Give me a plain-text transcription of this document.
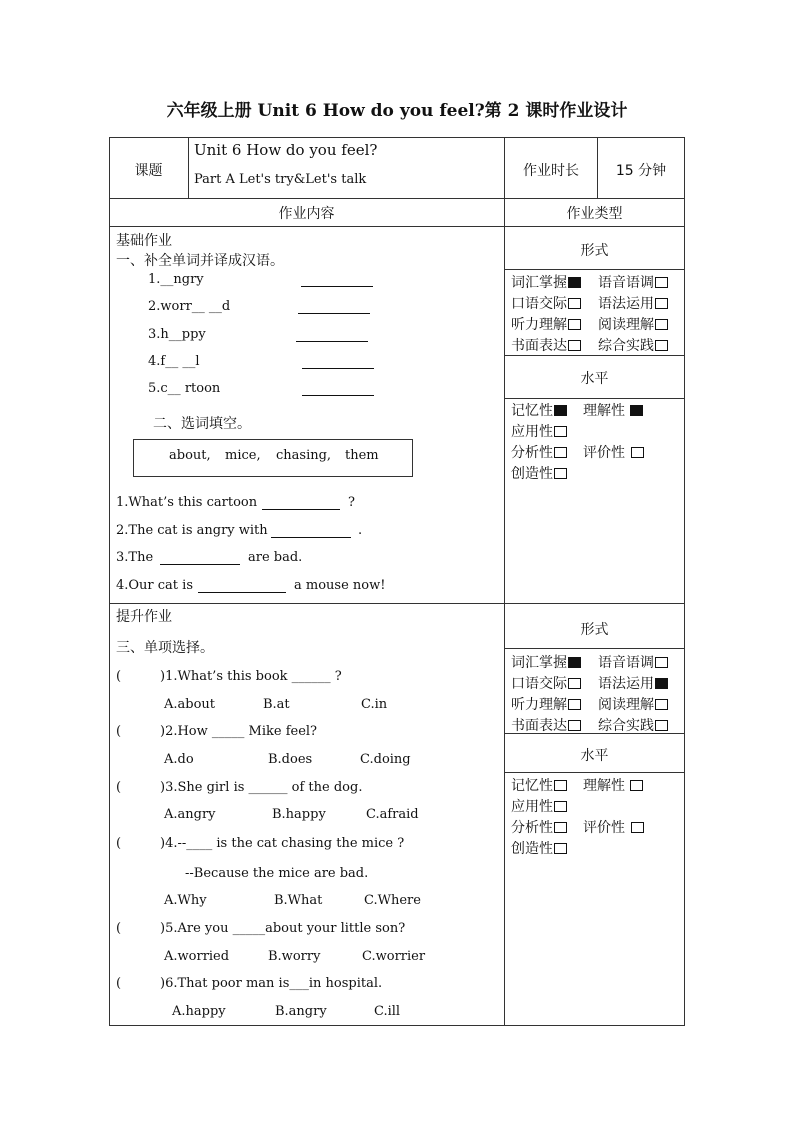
六年级上册 Unit 6 How do you feel?第 2 课时作业设计
课题
Unit 6 How do you feel?
Part A Let's try&Let's talk
作业时长	15 分钟
作业内容	作业类型
基础作业
一、补全单词并译成汉语。
1.__ngry
2.worr__ __d
3.h__ppy
4.f__ __l
5.c__ rtoon
二、选词填空。
about, mice, chasing, them
1.What’s this cartoon	?
2.The cat is angry with	.
3.The	are bad.
4.Our cat is	a mouse now!
形式
词汇掌握	语音语调
口语交际	语法运用
听力理解	阅读理解
书面表达	综合实践
水平
记忆性	理解性
应用性
分析性	评价性
创造性
提升作业
三、单项选择。
(	)1.What’s this book ______ ?
A.about	B.at	C.in
(	)2.How _____ Mike feel?
A.do	B.does	C.doing
(	)3.She girl is ______ of the dog.
A.angry	B.happy	C.afraid
(	)4.--____ is the cat chasing the mice ?
--Because the mice are bad.
A.Why	B.What	C.Where
(	)5.Are you _____about your little son?
A.worried	B.worry	C.worrier
(	)6.That poor man is___in hospital.
A.happy	B.angry	C.ill
形式
词汇掌握	语音语调
口语交际	语法运用
听力理解	阅读理解
书面表达	综合实践
水平
记忆性	理解性
应用性
分析性	评价性
创造性
